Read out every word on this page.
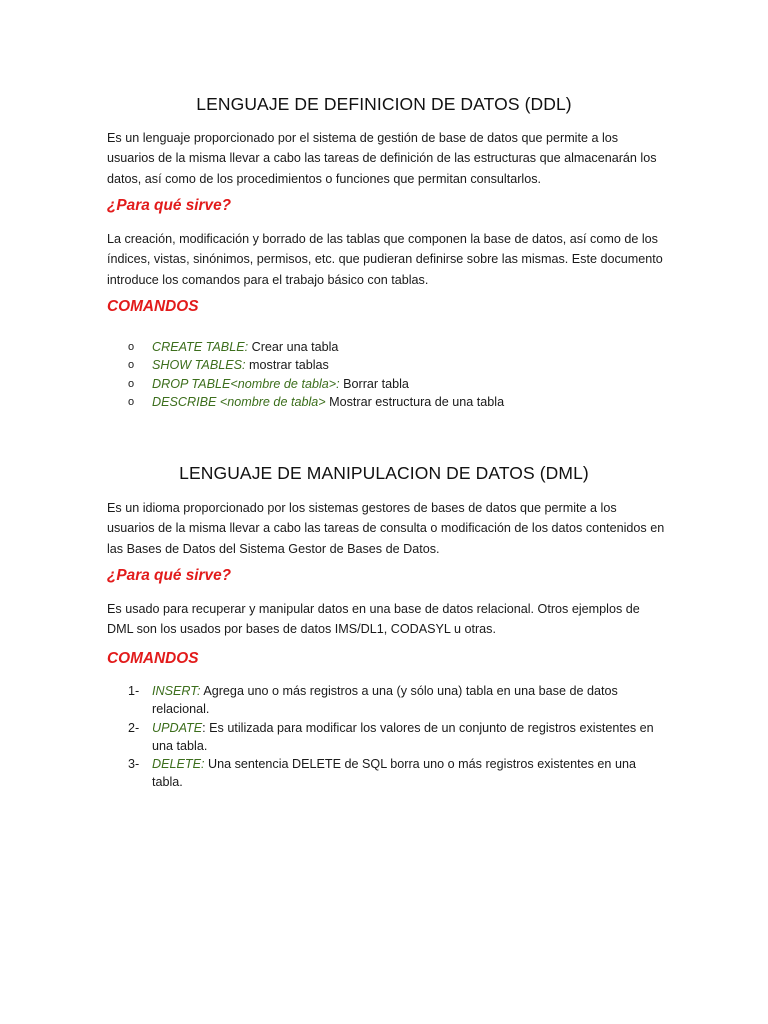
LENGUAJE DE DEFINICION DE DATOS (DDL)
Es un lenguaje proporcionado por el sistema de gestión de base de datos que permite a los usuarios de la misma llevar a cabo las tareas de definición de las estructuras que almacenarán los datos, así como de los procedimientos o funciones que permitan consultarlos.
¿Para qué sirve?
La creación, modificación y borrado de las tablas que componen la base de datos, así como de los índices, vistas, sinónimos, permisos, etc. que pudieran definirse sobre las mismas. Este documento introduce los comandos para el trabajo básico con tablas.
COMANDOS
o CREATE TABLE: Crear una tabla
o SHOW TABLES: mostrar tablas
o DROP TABLE<nombre de tabla>: Borrar tabla
o DESCRIBE <nombre de tabla> Mostrar estructura de una tabla
LENGUAJE DE MANIPULACION DE DATOS (DML)
Es un idioma proporcionado por los sistemas gestores de bases de datos que permite a los usuarios de la misma llevar a cabo las tareas de consulta o modificación de los datos contenidos en las Bases de Datos del Sistema Gestor de Bases de Datos.
¿Para qué sirve?
Es usado para recuperar y manipular datos en una base de datos relacional. Otros ejemplos de DML son los usados por bases de datos IMS/DL1, CODASYL u otras.
COMANDOS
1- INSERT: Agrega uno o más registros a una (y sólo una) tabla en una base de datos relacional.
2- UPDATE: Es utilizada para modificar los valores de un conjunto de registros existentes en una tabla.
3- DELETE: Una sentencia DELETE de SQL borra uno o más registros existentes en una tabla.
